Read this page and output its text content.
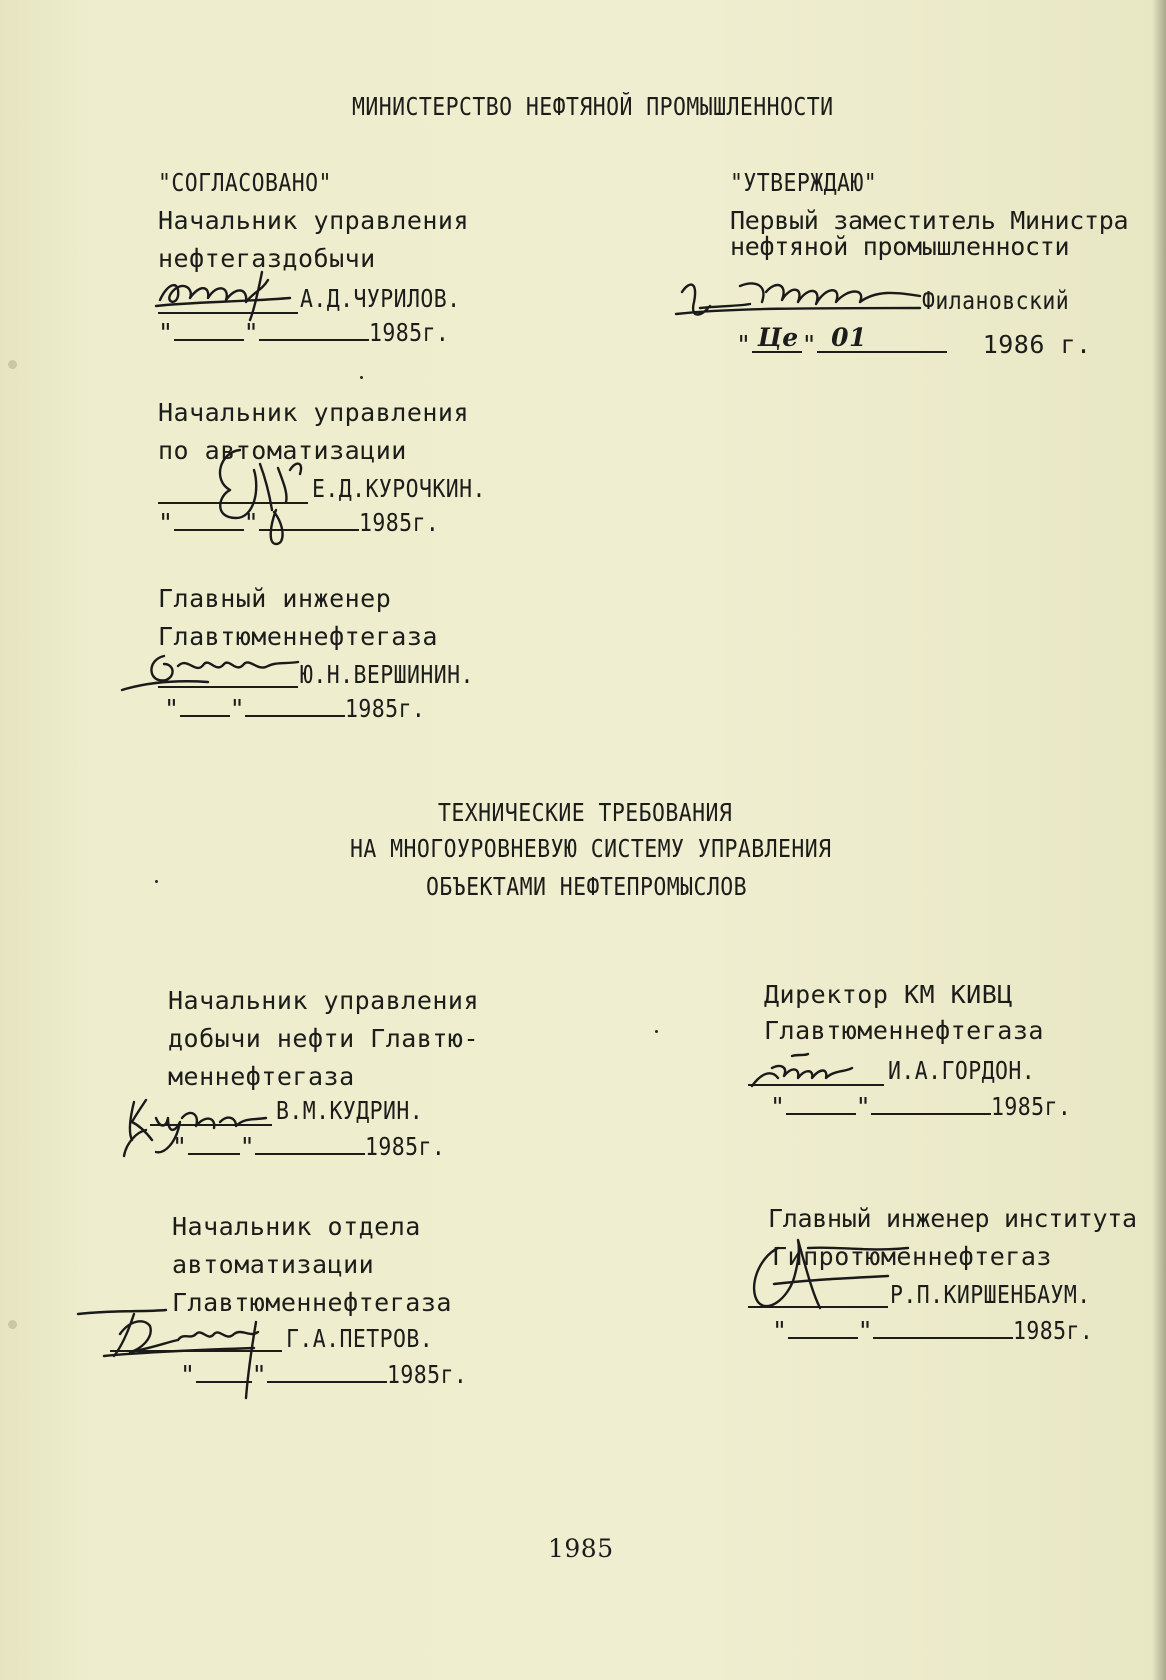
МИНИСТЕРСТВО НЕФТЯНОЙ ПРОМЫШЛЕННОСТИ
"СОГЛАСОВАНО"
Начальник управления
нефтегаздобычи
А.Д.ЧУРИЛОВ.
"	"	1985г.
Начальник управления
по автоматизации
Е.Д.КУРОЧКИН.
"	"	1985г.
Главный инженер
Главтюменнефтегаза
Ю.Н.ВЕРШИНИН.
" "	1985г.
"УТВЕРЖДАЮ"
Первый заместитель Министра
нефтяной промышленности
Филановский
" Це " 01	1986 г.
ТЕХНИЧЕСКИЕ ТРЕБОВАНИЯ
НА МНОГОУРОВНЕВУЮ СИСТЕМУ УПРАВЛЕНИЯ
ОБЪЕКТАМИ НЕФТЕПРОМЫСЛОВ
Начальник управления
добычи нефти Главтю-
меннефтегаза
В.М.КУДРИН.
" "	1985г.
Начальник отдела
автоматизации
Главтюменнефтегаза
Г.А.ПЕТРОВ.
" "	1985г.
Директор КМ КИВЦ
Главтюменнефтегаза
И.А.ГОРДОН.
"	"	1985г.
Главный инженер института
Гипротюменнефтегаз
Р.П.КИРШЕНБАУМ.
"	"	1985г.
1985
